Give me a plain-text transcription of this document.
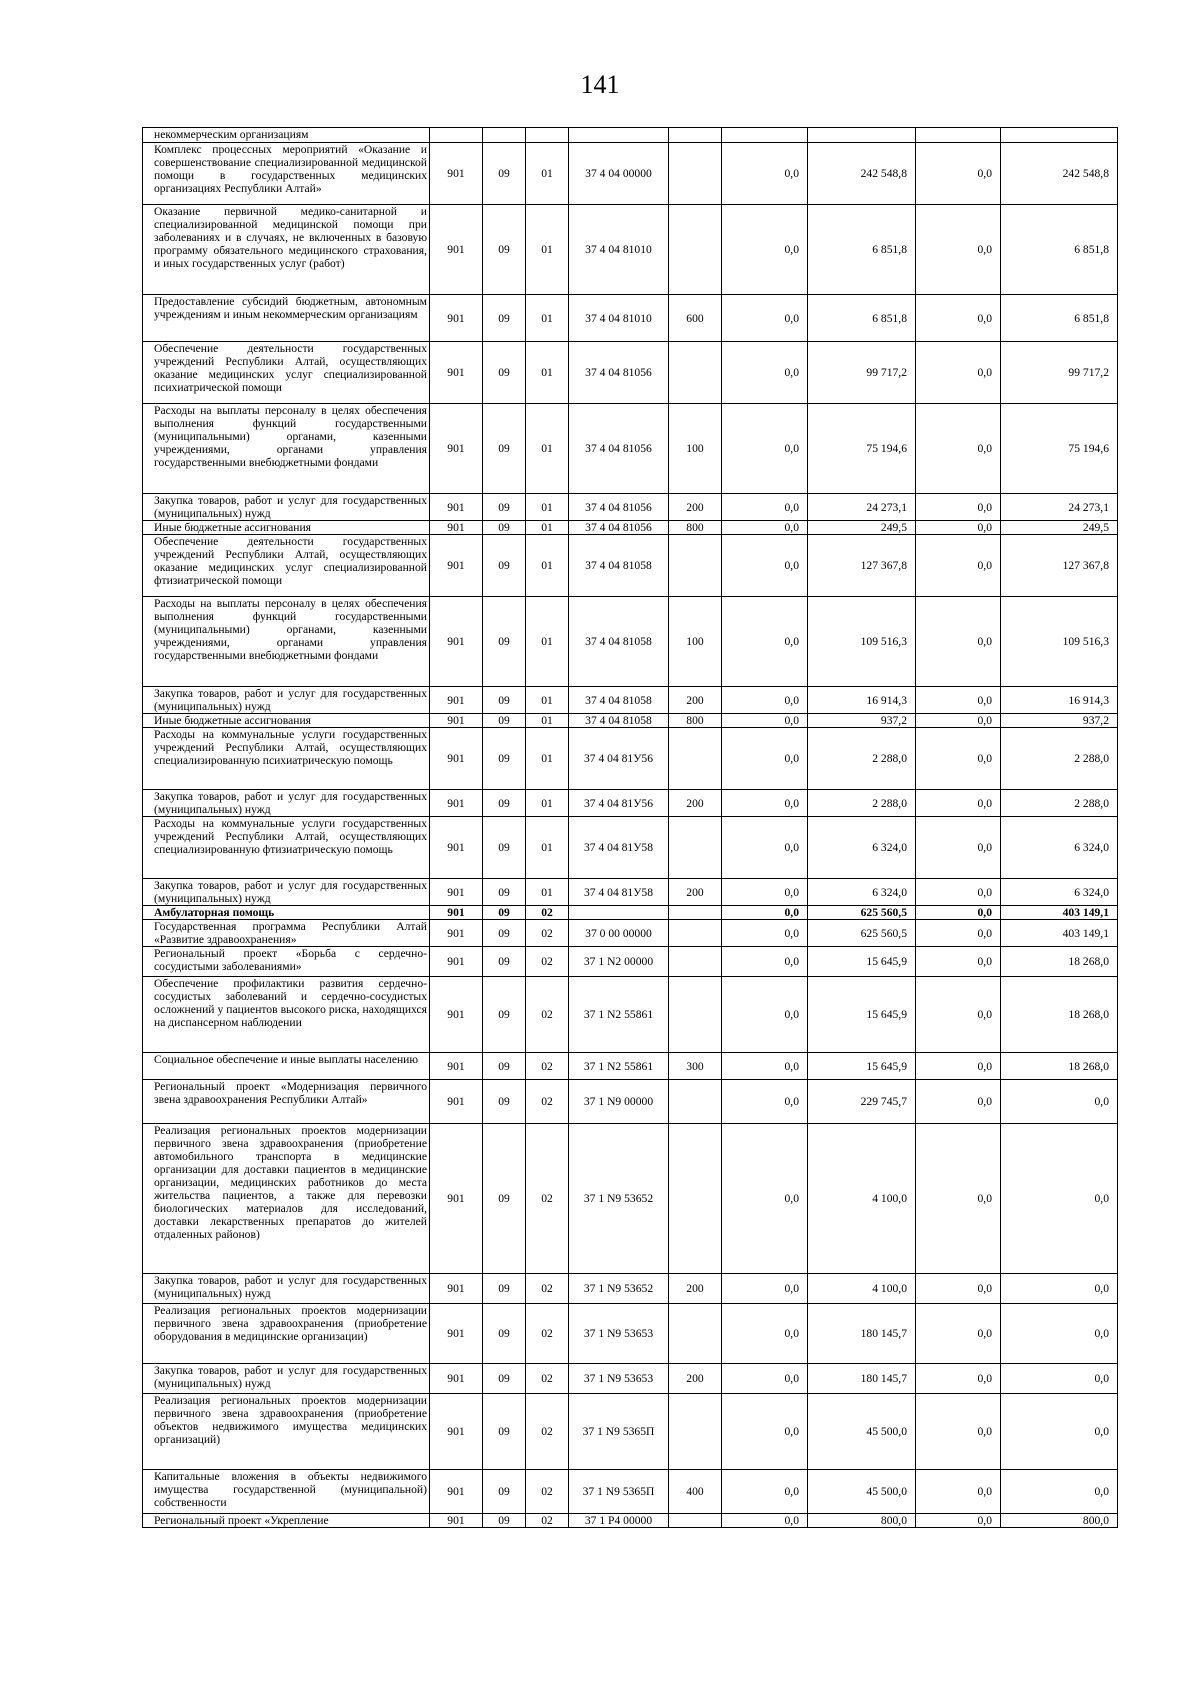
141
некоммерческим организациям									
Комплекс процессных мероприятий «Оказание и совершенствование специализированной медицинской помощи в государственных медицинских организациях Республики Алтай»	901	09	01	37 4 04 00000		0,0	242 548,8	0,0	242 548,8
Оказание первичной медико-санитарной и специализированной медицинской помощи при заболеваниях и в случаях, не включенных в базовую программу обязательного медицинского страхования, и иных государственных услуг (работ)	901	09	01	37 4 04 81010		0,0	6 851,8	0,0	6 851,8
Предоставление субсидий бюджетным, автономным учреждениям и иным некоммерческим организациям	901	09	01	37 4 04 81010	600	0,0	6 851,8	0,0	6 851,8
Обеспечение деятельности государственных учреждений Республики Алтай, осуществляющих оказание медицинских услуг специализированной психиатрической помощи	901	09	01	37 4 04 81056		0,0	99 717,2	0,0	99 717,2
Расходы на выплаты персоналу в целях обеспечения выполнения функций государственными (муниципальными) органами, казенными учреждениями, органами управления государственными внебюджетными фондами	901	09	01	37 4 04 81056	100	0,0	75 194,6	0,0	75 194,6
Закупка товаров, работ и услуг для государственных (муниципальных) нужд	901	09	01	37 4 04 81056	200	0,0	24 273,1	0,0	24 273,1
Иные бюджетные ассигнования	901	09	01	37 4 04 81056	800	0,0	249,5	0,0	249,5
Обеспечение деятельности государственных учреждений Республики Алтай, осуществляющих оказание медицинских услуг специализированной фтизиатрической помощи	901	09	01	37 4 04 81058		0,0	127 367,8	0,0	127 367,8
Расходы на выплаты персоналу в целях обеспечения выполнения функций государственными (муниципальными) органами, казенными учреждениями, органами управления государственными внебюджетными фондами	901	09	01	37 4 04 81058	100	0,0	109 516,3	0,0	109 516,3
Закупка товаров, работ и услуг для государственных (муниципальных) нужд	901	09	01	37 4 04 81058	200	0,0	16 914,3	0,0	16 914,3
Иные бюджетные ассигнования	901	09	01	37 4 04 81058	800	0,0	937,2	0,0	937,2
Расходы на коммунальные услуги государственных учреждений Республики Алтай, осуществляющих специализированную психиатрическую помощь	901	09	01	37 4 04 81У56		0,0	2 288,0	0,0	2 288,0
Закупка товаров, работ и услуг для государственных (муниципальных) нужд	901	09	01	37 4 04 81У56	200	0,0	2 288,0	0,0	2 288,0
Расходы на коммунальные услуги государственных учреждений Республики Алтай, осуществляющих специализированную фтизиатрическую помощь	901	09	01	37 4 04 81У58		0,0	6 324,0	0,0	6 324,0
Закупка товаров, работ и услуг для государственных (муниципальных) нужд	901	09	01	37 4 04 81У58	200	0,0	6 324,0	0,0	6 324,0
Амбулаторная помощь	901	09	02			0,0	625 560,5	0,0	403 149,1
Государственная программа Республики Алтай «Развитие здравоохранения»	901	09	02	37 0 00 00000		0,0	625 560,5	0,0	403 149,1
Региональный проект «Борьба с сердечно-сосудистыми заболеваниями»	901	09	02	37 1 N2 00000		0,0	15 645,9	0,0	18 268,0
Обеспечение профилактики развития сердечно-сосудистых заболеваний и сердечно-сосудистых осложнений у пациентов высокого риска, находящихся на диспансерном наблюдении	901	09	02	37 1 N2 55861		0,0	15 645,9	0,0	18 268,0
Социальное обеспечение и иные выплаты населению	901	09	02	37 1 N2 55861	300	0,0	15 645,9	0,0	18 268,0
Региональный проект «Модернизация первичного звена здравоохранения Республики Алтай»	901	09	02	37 1 N9 00000		0,0	229 745,7	0,0	0,0
Реализация региональных проектов модернизации первичного звена здравоохранения (приобретение автомобильного транспорта в медицинские организации для доставки пациентов в медицинские организации, медицинских работников до места жительства пациентов, а также для перевозки биологических материалов для исследований, доставки лекарственных препаратов до жителей отдаленных районов)	901	09	02	37 1 N9 53652		0,0	4 100,0	0,0	0,0
Закупка товаров, работ и услуг для государственных (муниципальных) нужд	901	09	02	37 1 N9 53652	200	0,0	4 100,0	0,0	0,0
Реализация региональных проектов модернизации первичного звена здравоохранения (приобретение оборудования в медицинские организации)	901	09	02	37 1 N9 53653		0,0	180 145,7	0,0	0,0
Закупка товаров, работ и услуг для государственных (муниципальных) нужд	901	09	02	37 1 N9 53653	200	0,0	180 145,7	0,0	0,0
Реализация региональных проектов модернизации первичного звена здравоохранения (приобретение объектов недвижимого имущества медицинских организаций)	901	09	02	37 1 N9 5365П		0,0	45 500,0	0,0	0,0
Капитальные вложения в объекты недвижимого имущества государственной (муниципальной) собственности	901	09	02	37 1 N9 5365П	400	0,0	45 500,0	0,0	0,0
Региональный проект «Укрепление	901	09	02	37 1 P4 00000		0,0	800,0	0,0	800,0
